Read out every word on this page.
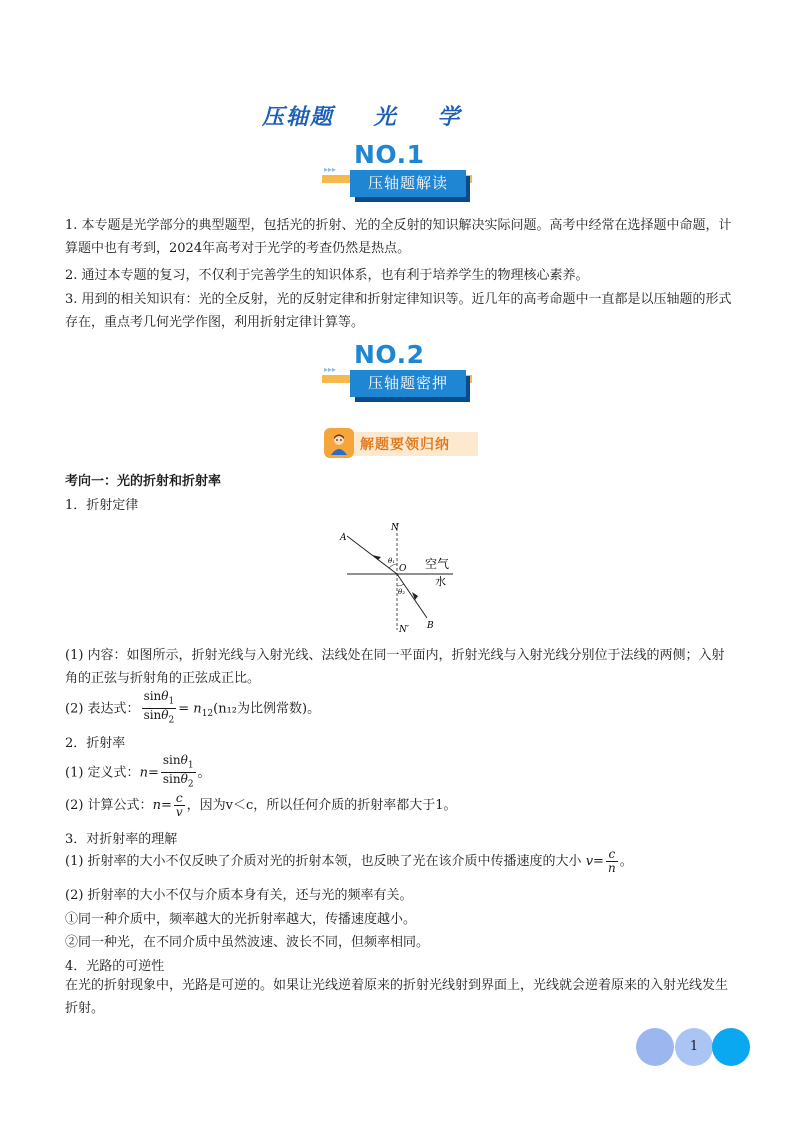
压轴题 光 学
NO.1
▸▸▸
压轴题解读

1. 本专题是光学部分的典型题型，包括光的折射、光的全反射的知识解决实际问题。高考中经常在选择题中命题，计算题中也有考到，2024年高考对于光学的考查仍然是热点。

2. 通过本专题的复习，不仅利于完善学生的知识体系，也有利于培养学生的物理核心素养。

3. 用到的相关知识有：光的全反射，光的反射定律和折射定律知识等。近几年的高考命题中一直都是以压轴题的形式存在，重点考几何光学作图，利用折射定律计算等。

NO.2
▸▸▸
压轴题密押
解题要领归纳
考向一：光的折射和折射率
1．折射定律
N
N′
A
B
O
θ₁
θ₂
空气
水

(1) 内容：如图所示，折射光线与入射光线、法线处在同一平面内，折射光线与入射光线分别位于法线的两侧；入射角的正弦与折射角的正弦成正比。

(2) 表达式： $\frac{\sin\theta_1}{\sin\theta_2} = n_{12}(n_{12}$为比例常数)。
2．折射率
(1) 定义式：$n= \frac{\sin\theta_1}{\sin\theta_2}$ 。
(2) 计算公式：$n= \frac{c}{v}$ ，因为v＜c，所以任何介质的折射率都大于1。
3．对折射率的理解
(1) 折射率的大小不仅反映了介质对光的折射本领，也反映了光在该介质中传播速度的大小 $v= \frac{c}{n}$ 。
(2) 折射率的大小不仅与介质本身有关，还与光的频率有关。
①同一种介质中，频率越大的光折射率越大，传播速度越小。
②同一种光，在不同介质中虽然波速、波长不同，但频率相同。
4．光路的可逆性

在光的折射现象中，光路是可逆的。如果让光线逆着原来的折射光线射到界面上，光线就会逆着原来的入射光线发生折射。

1
